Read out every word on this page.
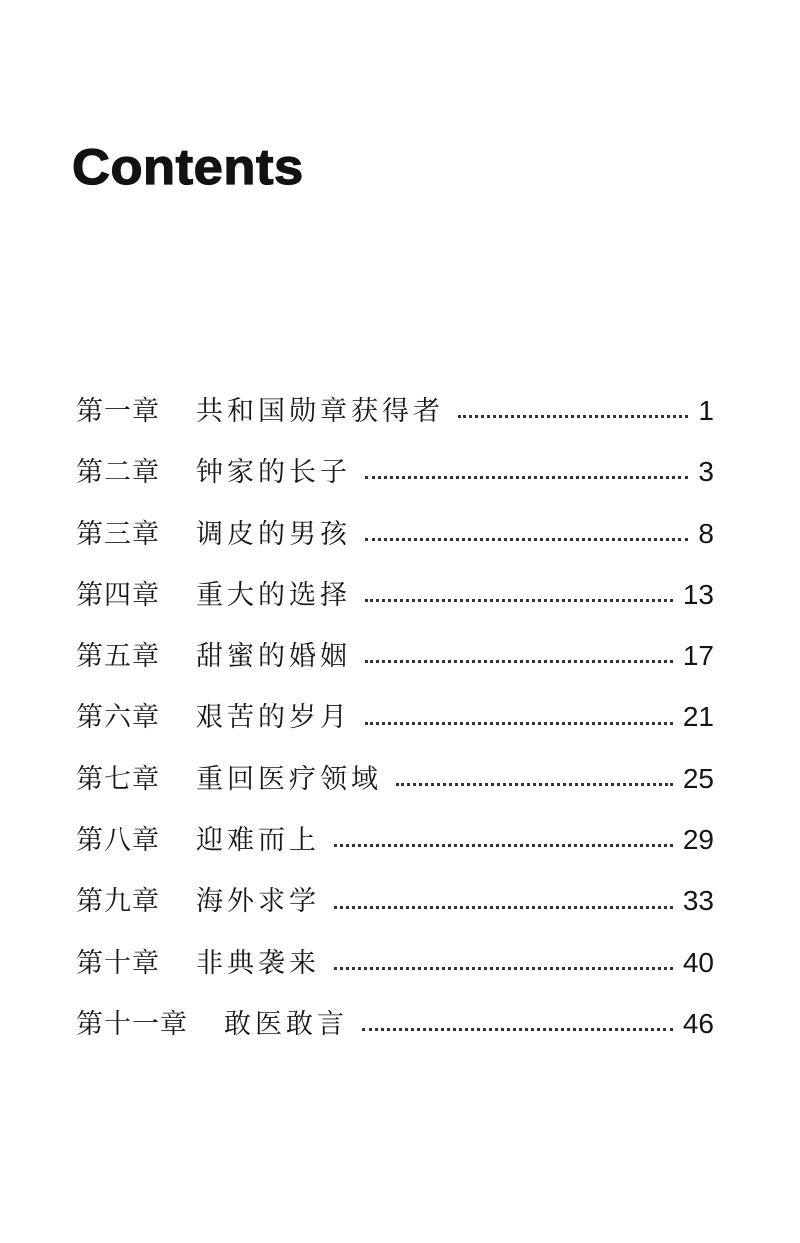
Contents
第一章 共和国勋章获得者	1
第二章 钟家的长子	3
第三章 调皮的男孩	8
第四章 重大的选择	13
第五章 甜蜜的婚姻	17
第六章 艰苦的岁月	21
第七章 重回医疗领域	25
第八章 迎难而上	29
第九章 海外求学	33
第十章 非典袭来	40
第十一章 敢医敢言	46
